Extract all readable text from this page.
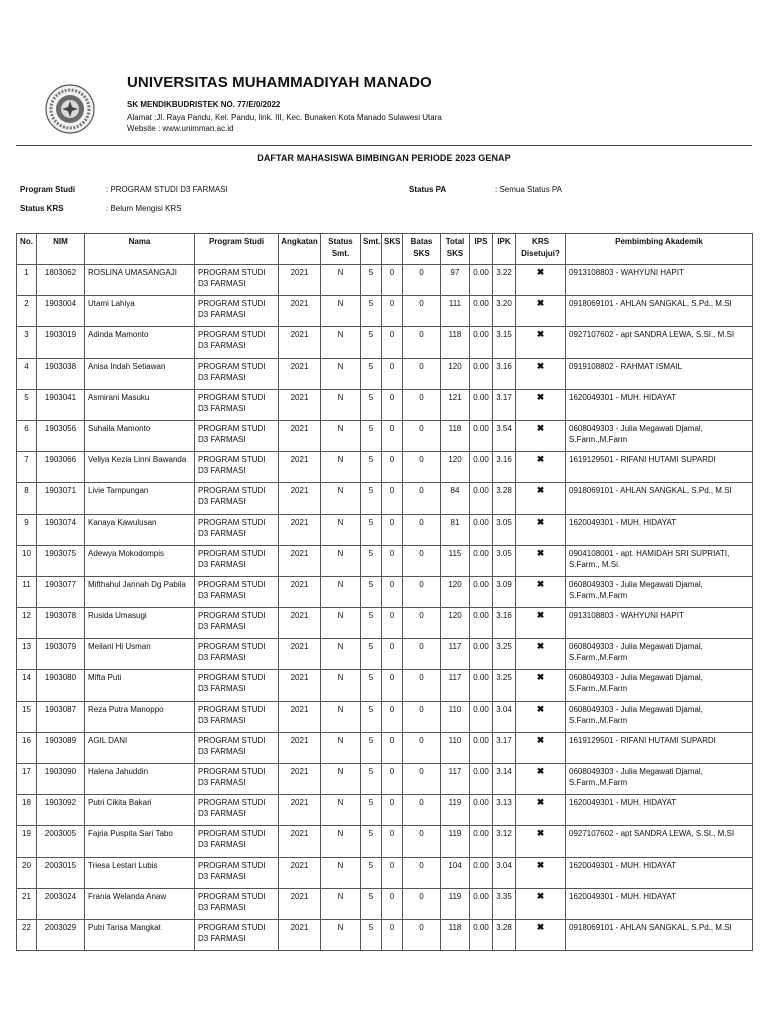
UNIVERSITAS MUHAMMADIYAH MANADO
SK MENDIKBUDRISTEK NO. 77/E/0/2022
Alamat :Jl. Raya Pandu, Kel. Pandu, link. III, Kec. Bunaken Kota Manado Sulawesi Utara
Website : www.unimman.ac.id
DAFTAR MAHASISWA BIMBINGAN PERIODE 2023 GENAP
Program Studi	: PROGRAM STUDI D3 FARMASI	Status PA	: Semua Status PA
Status KRS	: Belum Mengisi KRS
No.	NIM	Nama	Program Studi	Angkatan	Status Smt.	Smt.	SKS	Batas SKS	Total SKS	IPS	IPK	KRS Disetujui?	Pembimbing Akademik
1	1803062	ROSLINA UMASANGAJI	PROGRAM STUDI D3 FARMASI	2021	N	5	0	0	97	0.00	3.22	✖	0913108803 - WAHYUNI HAPIT
2	1903004	Utami Lahiya	PROGRAM STUDI D3 FARMASI	2021	N	5	0	0	111	0.00	3.20	✖	0918069101 - AHLAN SANGKAL, S.Pd., M.SI
3	1903019	Adinda Mamonto	PROGRAM STUDI D3 FARMASI	2021	N	5	0	0	118	0.00	3.15	✖	0927107602 - apt SANDRA LEWA, S.SI., M.SI
4	1903038	Anisa Indah Setiawan	PROGRAM STUDI D3 FARMASI	2021	N	5	0	0	120	0.00	3.16	✖	0919108802 - RAHMAT ISMAIL
5	1903041	Asmirani Masuku	PROGRAM STUDI D3 FARMASI	2021	N	5	0	0	121	0.00	3.17	✖	1620049301 - MUH. HIDAYAT
6	1903056	Suhaila Mamonto	PROGRAM STUDI D3 FARMASI	2021	N	5	0	0	118	0.00	3.54	✖	0608049303 - Julia Megawati Djamal, S.Farm.,M.Farm
7	1903066	Vellya Kezia Linni Bawanda	PROGRAM STUDI D3 FARMASI	2021	N	5	0	0	120	0.00	3.16	✖	1619129501 - RIFANI HUTAMI SUPARDI
8	1903071	Livie Tampungan	PROGRAM STUDI D3 FARMASI	2021	N	5	0	0	84	0.00	3.28	✖	0918069101 - AHLAN SANGKAL, S.Pd., M.SI
9	1903074	Kanaya Kawulusan	PROGRAM STUDI D3 FARMASI	2021	N	5	0	0	81	0.00	3.05	✖	1620049301 - MUH. HIDAYAT
10	1903075	Adewya Mokodompis	PROGRAM STUDI D3 FARMASI	2021	N	5	0	0	115	0.00	3.05	✖	0904108001 - apt. HAMIDAH SRI SUPRIATI, S.Farm., M.Si.
11	1903077	Mifthahul Jannah Dg Pabila	PROGRAM STUDI D3 FARMASI	2021	N	5	0	0	120	0.00	3.09	✖	0608049303 - Julia Megawati Djamal, S.Farm.,M.Farm
12	1903078	Rusida Umasugi	PROGRAM STUDI D3 FARMASI	2021	N	5	0	0	120	0.00	3.16	✖	0913108803 - WAHYUNI HAPIT
13	1903079	Meilani Hi Usman	PROGRAM STUDI D3 FARMASI	2021	N	5	0	0	117	0.00	3.25	✖	0608049303 - Julia Megawati Djamal, S.Farm.,M.Farm
14	1903080	Mifta Puti	PROGRAM STUDI D3 FARMASI	2021	N	5	0	0	117	0.00	3.25	✖	0608049303 - Julia Megawati Djamal, S.Farm.,M.Farm
15	1903087	Reza Putra Manoppo	PROGRAM STUDI D3 FARMASI	2021	N	5	0	0	110	0.00	3.04	✖	0608049303 - Julia Megawati Djamal, S.Farm.,M.Farm
16	1903089	AGIL DANI	PROGRAM STUDI D3 FARMASI	2021	N	5	0	0	110	0.00	3.17	✖	1619129501 - RIFANI HUTAMI SUPARDI
17	1903090	Halena Jahuddin	PROGRAM STUDI D3 FARMASI	2021	N	5	0	0	117	0.00	3.14	✖	0608049303 - Julia Megawati Djamal, S.Farm.,M.Farm
18	1903092	Putri Cikita Bakari	PROGRAM STUDI D3 FARMASI	2021	N	5	0	0	119	0.00	3.13	✖	1620049301 - MUH. HIDAYAT
19	2003005	Fajria Puspita Sari Tabo	PROGRAM STUDI D3 FARMASI	2021	N	5	0	0	119	0.00	3.12	✖	0927107602 - apt SANDRA LEWA, S.SI., M.SI
20	2003015	Triesa Lestari Lubis	PROGRAM STUDI D3 FARMASI	2021	N	5	0	0	104	0.00	3.04	✖	1620049301 - MUH. HIDAYAT
21	2003024	Frania Welanda Anaw	PROGRAM STUDI D3 FARMASI	2021	N	5	0	0	119	0.00	3.35	✖	1620049301 - MUH. HIDAYAT
22	2003029	Putri Tarisa Mangkat	PROGRAM STUDI D3 FARMASI	2021	N	5	0	0	118	0.00	3.28	✖	0918069101 - AHLAN SANGKAL, S.Pd., M.SI
